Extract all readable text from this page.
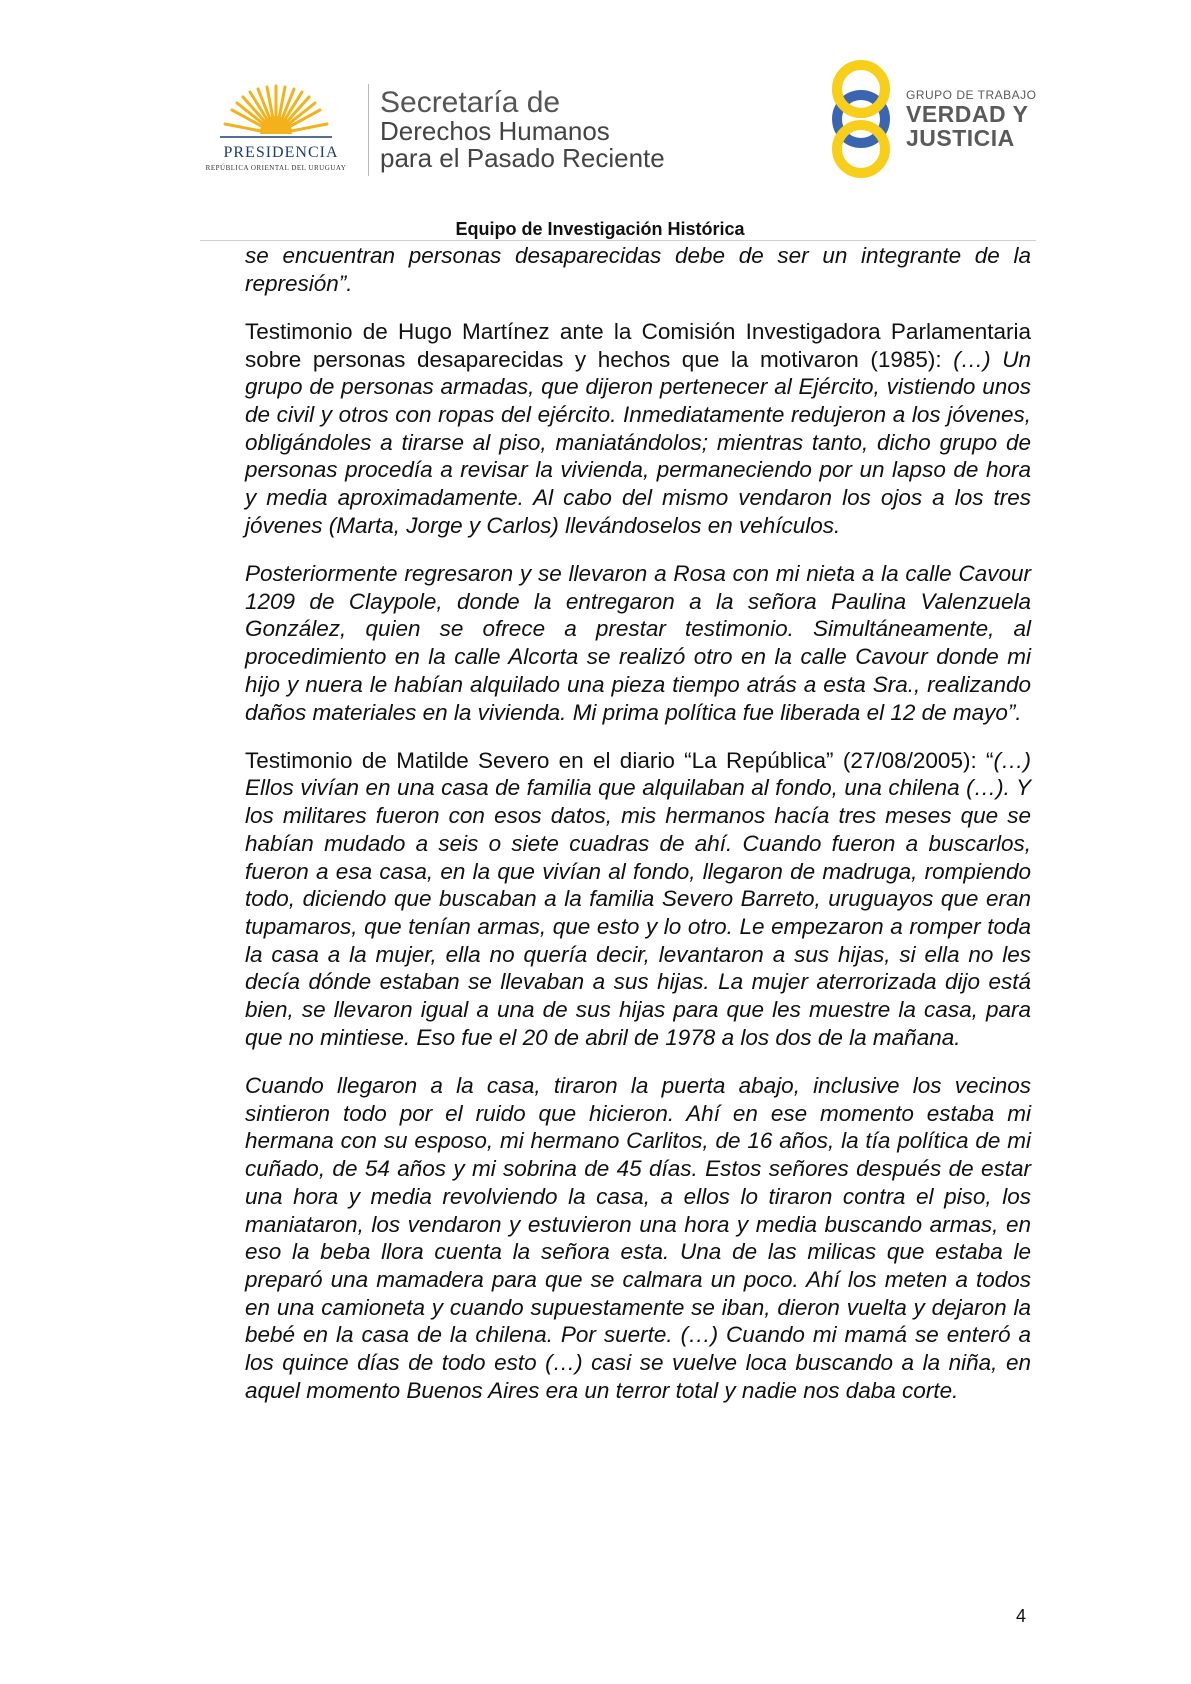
PRESIDENCIA
REPÚBLICA ORIENTAL DEL URUGUAY
Secretaría de
Derechos Humanos
para el Pasado Reciente
GRUPO DE TRABAJO
VERDAD Y
JUSTICIA
Equipo de Investigación Histórica

se encuentran personas desaparecidas debe de ser un integrante de la represión”.

Testimonio de Hugo Martínez ante la Comisión Investigadora Parlamentaria sobre personas desaparecidas y hechos que la motivaron (1985): (…) Un grupo de personas armadas, que dijeron pertenecer al Ejército, vistiendo unos de civil y otros con ropas del ejército. Inmediatamente redujeron a los jóvenes, obligándoles a tirarse al piso, maniatándolos; mientras tanto, dicho grupo de personas procedía a revisar la vivienda, permaneciendo por un lapso de hora y media aproximadamente. Al cabo del mismo vendaron los ojos a los tres jóvenes (Marta, Jorge y Carlos) llevándoselos en vehículos.

Posteriormente regresaron y se llevaron a Rosa con mi nieta a la calle Cavour 1209 de Claypole, donde la entregaron a la señora Paulina Valenzuela González, quien se ofrece a prestar testimonio. Simultáneamente, al procedimiento en la calle Alcorta se realizó otro en la calle Cavour donde mi hijo y nuera le habían alquilado una pieza tiempo atrás a esta Sra., realizando daños materiales en la vivienda. Mi prima política fue liberada el 12 de mayo”.

Testimonio de Matilde Severo en el diario “La República” (27/08/2005): “(…) Ellos vivían en una casa de familia que alquilaban al fondo, una chilena (…). Y los militares fueron con esos datos, mis hermanos hacía tres meses que se habían mudado a seis o siete cuadras de ahí. Cuando fueron a buscarlos, fueron a esa casa, en la que vivían al fondo, llegaron de madruga, rompiendo todo, diciendo que buscaban a la familia Severo Barreto, uruguayos que eran tupamaros, que tenían armas, que esto y lo otro. Le empezaron a romper toda la casa a la mujer, ella no quería decir, levantaron a sus hijas, si ella no les decía dónde estaban se llevaban a sus hijas. La mujer aterrorizada dijo está bien, se llevaron igual a una de sus hijas para que les muestre la casa, para que no mintiese. Eso fue el 20 de abril de 1978 a los dos de la mañana.

Cuando llegaron a la casa, tiraron la puerta abajo, inclusive los vecinos sintieron todo por el ruido que hicieron. Ahí en ese momento estaba mi hermana con su esposo, mi hermano Carlitos, de 16 años, la tía política de mi cuñado, de 54 años y mi sobrina de 45 días. Estos señores después de estar una hora y media revolviendo la casa, a ellos lo tiraron contra el piso, los maniataron, los vendaron y estuvieron una hora y media buscando armas, en eso la beba llora cuenta la señora esta. Una de las milicas que estaba le preparó una mamadera para que se calmara un poco. Ahí los meten a todos en una camioneta y cuando supuestamente se iban, dieron vuelta y dejaron la bebé en la casa de la chilena. Por suerte. (…) Cuando mi mamá se enteró a los quince días de todo esto (…) casi se vuelve loca buscando a la niña, en aquel momento Buenos Aires era un terror total y nadie nos daba corte.

4
